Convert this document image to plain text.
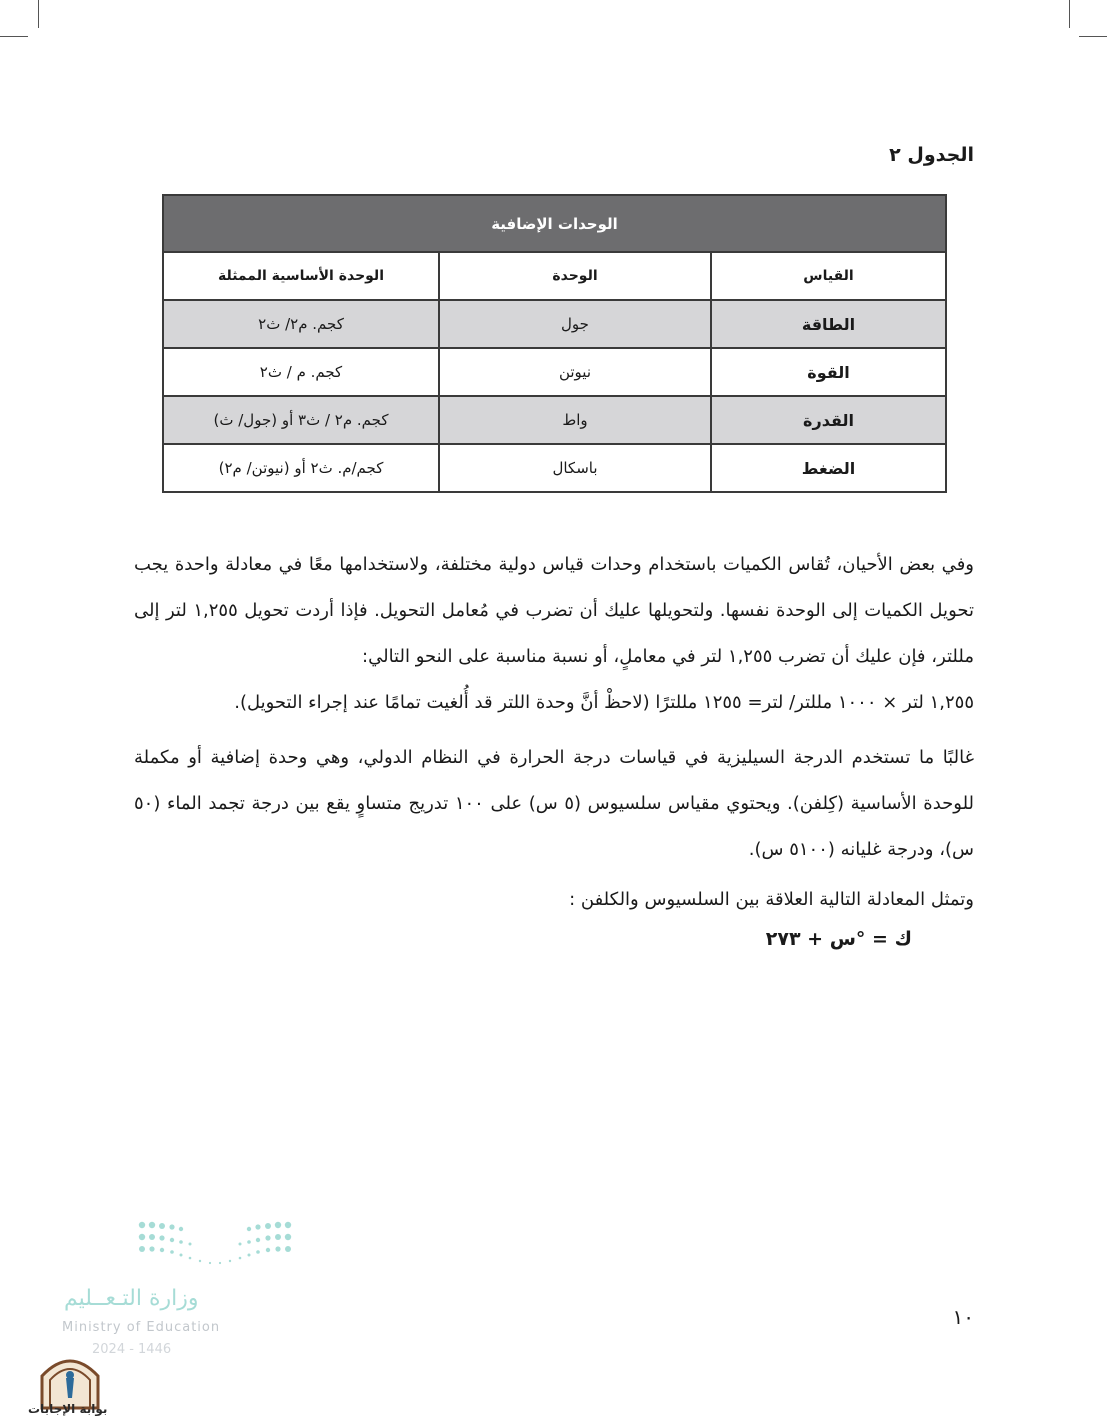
الجدول ٢
الوحدات الإضافية		
القياس	الوحدة	الوحدة الأساسية الممثلة
الطاقة	جول	كجم. م٢/ ث٢
القوة	نيوتن	كجم. م / ث٢
القدرة	واط	كجم. م٢ / ث٣ أو (جول/ ث)
الضغط	باسكال	كجم/م. ث٢ أو (نيوتن/ م٢)

وفي بعض الأحيان، تُقاس الكميات باستخدام وحدات قياس دولية مختلفة، ولاستخدامها معًا في معادلة واحدة يجب تحويل الكميات إلى الوحدة نفسها. ولتحويلها عليك أن تضرب في مُعامل التحويل. فإذا أردت تحويل ١,٢٥٥ لتر إلى مللتر، فإن عليك أن تضرب ١,٢٥٥ لتر في معاملٍ، أو نسبة مناسبة على النحو التالي:

١,٢٥٥ لتر × ١٠٠٠ مللتر/ لتر= ١٢٥٥ مللترًا (لاحظْ أنَّ وحدة اللتر قد أُلغيت تمامًا عند إجراء التحويل).

غالبًا ما تستخدم الدرجة السيليزية في قياسات درجة الحرارة في النظام الدولي، وهي وحدة إضافية أو مكملة للوحدة الأساسية (كِلفن). ويحتوي مقياس سلسيوس (٥ س) على ١٠٠ تدريج متساوٍ يقع بين درجة تجمد الماء (٥٠ س)، ودرجة غليانه (٥١٠٠ س).

وتمثل المعادلة التالية العلاقة بين السلسيوس والكلفن :

ك = °س + ٢٧٣
١٠
وزارة التـعــليم
Ministry of Education
2024 - 1446
بوابة الإجابات
